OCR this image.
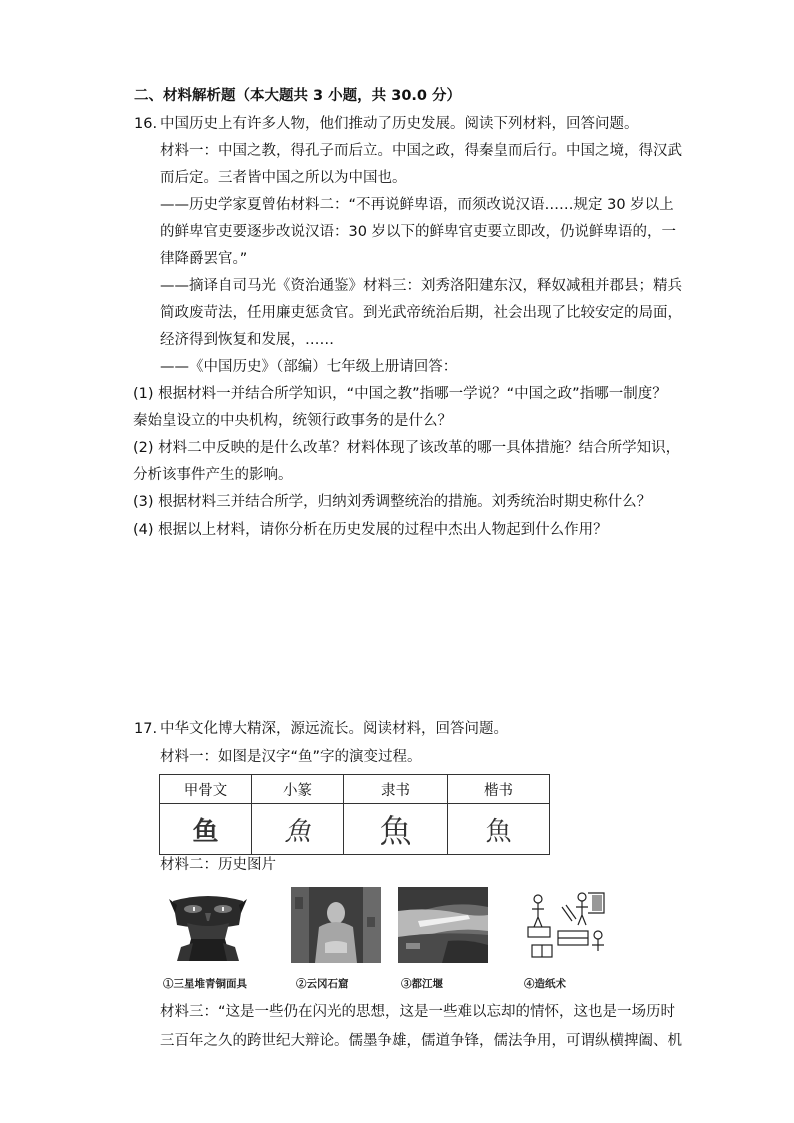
二、材料解析题（本大题共 3 小题，共 30.0 分）
16. 中国历史上有许多人物，他们推动了历史发展。阅读下列材料，回答问题。
材料一：中国之教，得孔子而后立。中国之政，得秦皇而后行。中国之境，得汉武
而后定。三者皆中国之所以为中国也。
——历史学家夏曾佑材料二：“不再说鲜卑语，而须改说汉语……规定 30 岁以上
的鲜卑官吏要逐步改说汉语：30 岁以下的鲜卑官吏要立即改，仍说鲜卑语的，一
律降爵罢官。”
——摘译自司马光《资治通鉴》材料三：刘秀洛阳建东汉，释奴减租并郡县；精兵
简政废苛法，任用廉吏惩贪官。到光武帝统治后期，社会出现了比较安定的局面，
经济得到恢复和发展，……
——《中国历史》（部编）七年级上册请回答：
(1) 根据材料一并结合所学知识，“中国之教”指哪一学说？“中国之政”指哪一制度？
秦始皇设立的中央机构，统领行政事务的是什么？
(2) 材料二中反映的是什么改革？材料体现了该改革的哪一具体措施？结合所学知识，
分析该事件产生的影响。
(3) 根据材料三并结合所学，归纳刘秀调整统治的措施。刘秀统治时期史称什么？
(4) 根据以上材料，请你分析在历史发展的过程中杰出人物起到什么作用？
17. 中华文化博大精深，源远流长。阅读材料，回答问题。
材料一：如图是汉字“鱼”字的演变过程。
甲骨文	小篆	隶书	楷书
鱼	魚	魚	魚
材料二：历史图片
①三星堆青铜面具	②云冈石窟	③都江堰	④造纸术
材料三：“这是一些仍在闪光的思想，这是一些难以忘却的情怀，这也是一场历时
三百年之久的跨世纪大辩论。儒墨争雄，儒道争锋，儒法争用，可谓纵横捭阖、机
